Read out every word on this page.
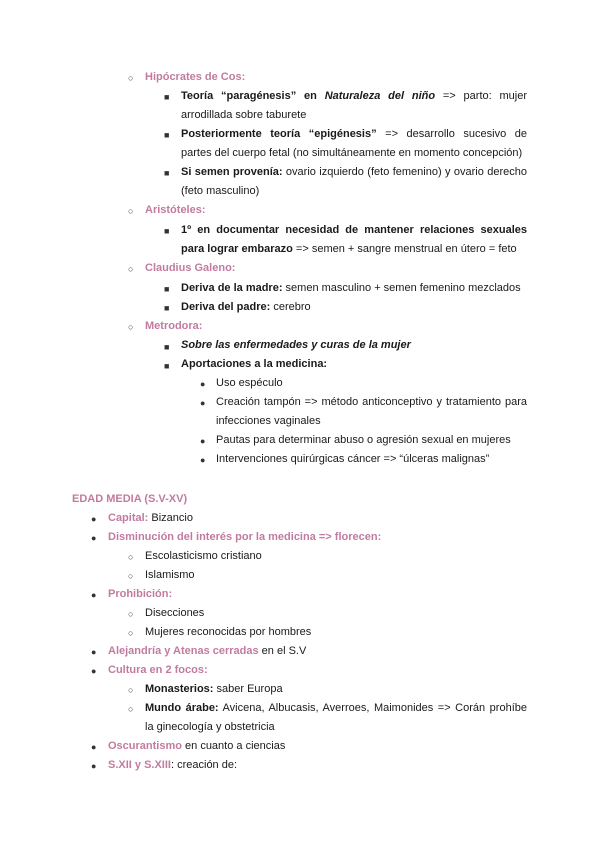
○ Hipócrates de Cos:
■ Teoría “paragénesis” en Naturaleza del niño => parto: mujer
arrodillada sobre taburete
■ Posteriormente teoría “epigénesis” => desarrollo sucesivo de
partes del cuerpo fetal (no simultáneamente en momento concepción)
■ Si semen provenía: ovario izquierdo (feto femenino) y ovario derecho
(feto masculino)
○ Aristóteles:
■ 1º en documentar necesidad de mantener relaciones sexuales
para lograr embarazo => semen + sangre menstrual en útero = feto
○ Claudius Galeno:
■ Deriva de la madre: semen masculino + semen femenino mezclados
■ Deriva del padre: cerebro
○ Metrodora:
■ Sobre las enfermedades y curas de la mujer
■ Aportaciones a la medicina:
● Uso espéculo
● Creación tampón => método anticonceptivo y tratamiento para
infecciones vaginales
● Pautas para determinar abuso o agresión sexual en mujeres
● Intervenciones quirúrgicas cáncer => “úlceras malignas”
EDAD MEDIA (S.V-XV)
● Capital: Bizancio
● Disminución del interés por la medicina => florecen:
○ Escolasticismo cristiano
○ Islamismo
● Prohibición:
○ Disecciones
○ Mujeres reconocidas por hombres
● Alejandría y Atenas cerradas en el S.V
● Cultura en 2 focos:
○ Monasterios: saber Europa
○ Mundo árabe: Avicena, Albucasis, Averroes, Maimonides => Corán prohíbe
la ginecología y obstetricia
● Oscurantismo en cuanto a ciencias
● S.XII y S.XIII: creación de:
